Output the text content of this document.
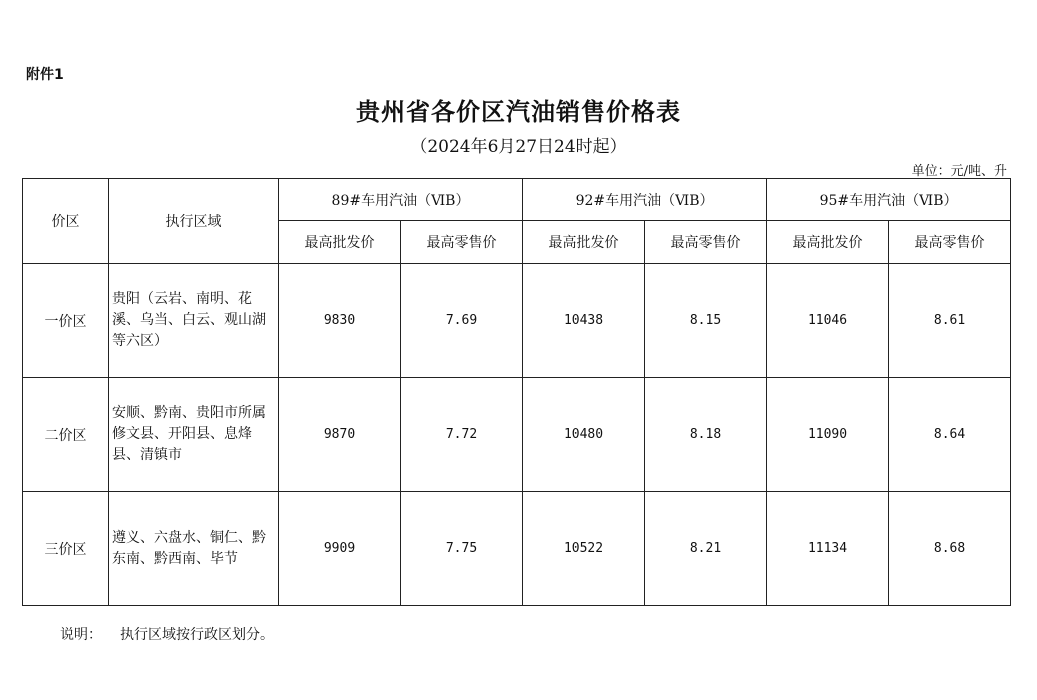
附件1
贵州省各价区汽油销售价格表
（2024年6月27日24时起）
单位：元/吨、升
价区	执行区域	89#车用汽油（ⅥB）		92#车用汽油（ⅥB）		95#车用汽油（ⅥB）	
		最高批发价	最高零售价	最高批发价	最高零售价	最高批发价	最高零售价
一价区	贵阳（云岩、南明、花溪、乌当、白云、观山湖等六区）	9830	7.69	10438	8.15	11046	8.61
二价区	安顺、黔南、贵阳市所属修文县、开阳县、息烽县、清镇市	9870	7.72	10480	8.18	11090	8.64
三价区	遵义、六盘水、铜仁、黔东南、黔西南、毕节	9909	7.75	10522	8.21	11134	8.68
说明： 执行区域按行政区划分。
